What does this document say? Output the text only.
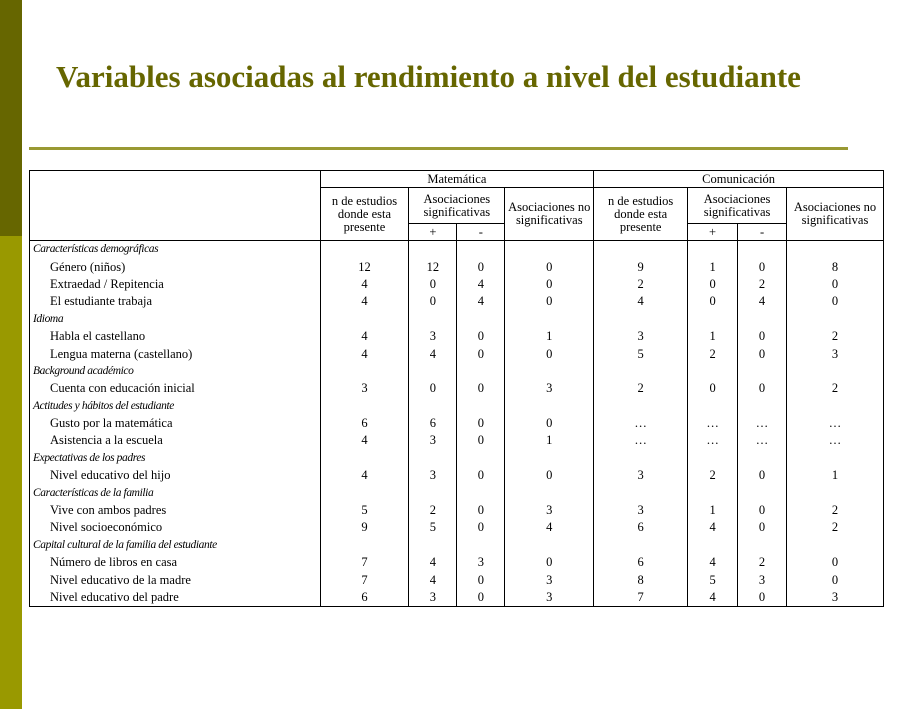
Variables asociadas al rendimiento a nivel del estudiante
	Matemática				Comunicación			
	n de estudios donde esta presente	Asociaciones significativas		Asociaciones no significativas	n de estudios donde esta presente	Asociaciones significativas		Asociaciones no significativas
		+	-			+	-	
Características demográficas								
Género (niños)	12	12	0	0	9	1	0	8
Extraedad / Repitencia	4	0	4	0	2	0	2	0
El estudiante trabaja	4	0	4	0	4	0	4	0
Idioma								
Habla el castellano	4	3	0	1	3	1	0	2
Lengua materna (castellano)	4	4	0	0	5	2	0	3
Background académico								
Cuenta con educación inicial	3	0	0	3	2	0	0	2
Actitudes y hábitos del estudiante								
Gusto por la matemática	6	6	0	0	…	…	…	…
Asistencia a la escuela	4	3	0	1	…	…	…	…
Expectativas de los padres								
Nivel educativo del hijo	4	3	0	0	3	2	0	1
Características de la familia								
Vive con ambos padres	5	2	0	3	3	1	0	2
Nivel socioeconómico	9	5	0	4	6	4	0	2
Capital cultural de la familia del estudiante								
Número de libros en casa	7	4	3	0	6	4	2	0
Nivel educativo de la madre	7	4	0	3	8	5	3	0
Nivel educativo del padre	6	3	0	3	7	4	0	3
